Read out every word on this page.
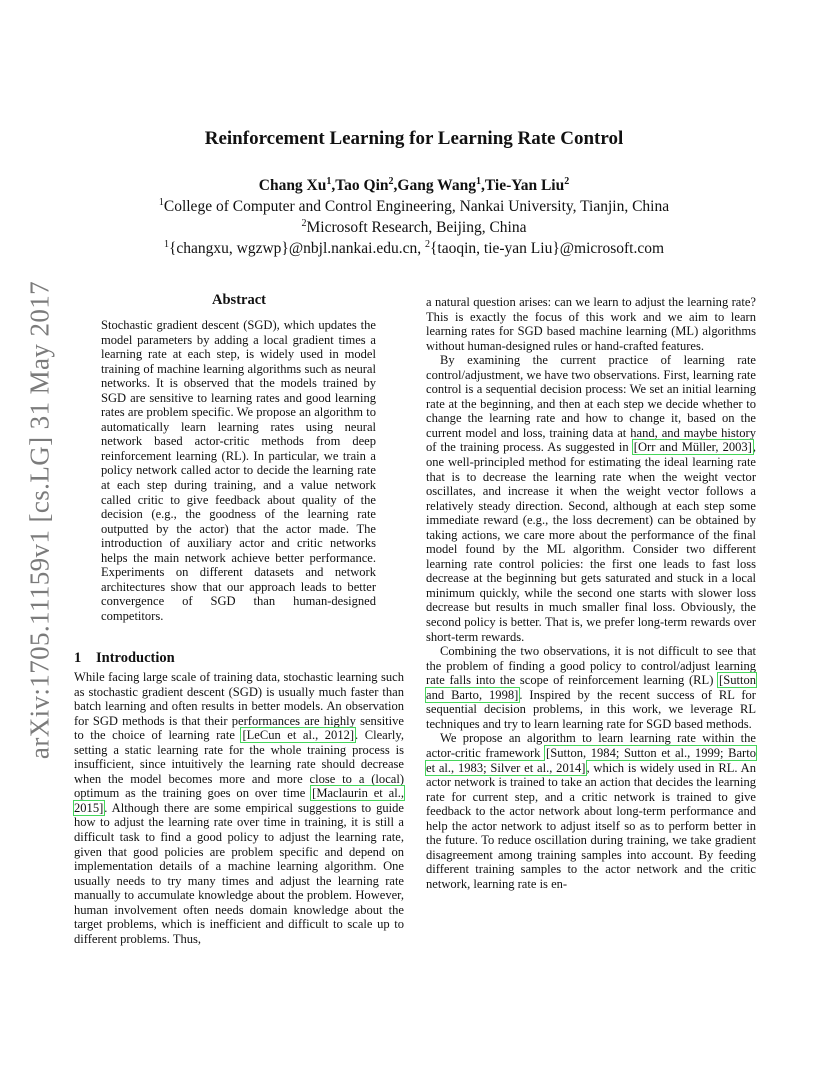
arXiv:1705.11159v1 [cs.LG] 31 May 2017
Reinforcement Learning for Learning Rate Control
Chang Xu$^1$,Tao Qin$^2$,Gang Wang$^1$,Tie-Yan Liu$^2$
$^1$College of Computer and Control Engineering, Nankai University, Tianjin, China
$^2$Microsoft Research, Beijing, China
$^1${changxu, wgzwp}@nbjl.nankai.edu.cn, $^2${taoqin, tie-yan Liu}@microsoft.com
Abstract

Stochastic gradient descent (SGD), which updates the model parameters by adding a local gradient times a learning rate at each step, is widely used in model training of machine learning algorithms such as neural networks. It is observed that the models trained by SGD are sensitive to learning rates and good learning rates are problem specific. We propose an algorithm to automatically learn learning rates using neural network based actor-critic methods from deep reinforcement learning (RL). In particular, we train a policy network called actor to decide the learning rate at each step during training, and a value network called critic to give feedback about quality of the decision (e.g., the goodness of the learning rate outputted by the actor) that the actor made. The introduction of auxiliary actor and critic networks helps the main network achieve better performance. Experiments on different datasets and network architectures show that our approach leads to better convergence of SGD than human-designed competitors.

1 Introduction

While facing large scale of training data, stochastic learning such as stochastic gradient descent (SGD) is usually much faster than batch learning and often results in better models. An observation for SGD methods is that their performances are highly sensitive to the choice of learning rate [LeCun et al., 2012]. Clearly, setting a static learning rate for the whole training process is insufficient, since intuitively the learning rate should decrease when the model becomes more and more close to a (local) optimum as the training goes on over time [Maclaurin et al., 2015]. Although there are some empirical suggestions to guide how to adjust the learning rate over time in training, it is still a difficult task to find a good policy to adjust the learning rate, given that good policies are problem specific and depend on implementation details of a machine learning algorithm. One usually needs to try many times and adjust the learning rate manually to accumulate knowledge about the problem. However, human involvement often needs domain knowledge about the target problems, which is inefficient and difficult to scale up to different problems. Thus,

a natural question arises: can we learn to adjust the learning rate? This is exactly the focus of this work and we aim to learn learning rates for SGD based machine learning (ML) algorithms without human-designed rules or hand-crafted features.

By examining the current practice of learning rate control/adjustment, we have two observations. First, learning rate control is a sequential decision process: We set an initial learning rate at the beginning, and then at each step we decide whether to change the learning rate and how to change it, based on the current model and loss, training data at hand, and maybe history of the training process. As suggested in [Orr and Müller, 2003], one well-principled method for estimating the ideal learning rate that is to decrease the learning rate when the weight vector oscillates, and increase it when the weight vector follows a relatively steady direction. Second, although at each step some immediate reward (e.g., the loss decrement) can be obtained by taking actions, we care more about the performance of the final model found by the ML algorithm. Consider two different learning rate control policies: the first one leads to fast loss decrease at the beginning but gets saturated and stuck in a local minimum quickly, while the second one starts with slower loss decrease but results in much smaller final loss. Obviously, the second policy is better. That is, we prefer long-term rewards over short-term rewards.

Combining the two observations, it is not difficult to see that the problem of finding a good policy to control/adjust learning rate falls into the scope of reinforcement learning (RL) [Sutton and Barto, 1998]. Inspired by the recent success of RL for sequential decision problems, in this work, we leverage RL techniques and try to learn learning rate for SGD based methods.

We propose an algorithm to learn learning rate within the actor-critic framework [Sutton, 1984; Sutton et al., 1999; Barto et al., 1983; Silver et al., 2014], which is widely used in RL. An actor network is trained to take an action that decides the learning rate for current step, and a critic network is trained to give feedback to the actor network about long-term performance and help the actor network to adjust itself so as to perform better in the future. To reduce oscillation during training, we take gradient disagreement among training samples into account. By feeding different training samples to the actor network and the critic network, learning rate is en-
